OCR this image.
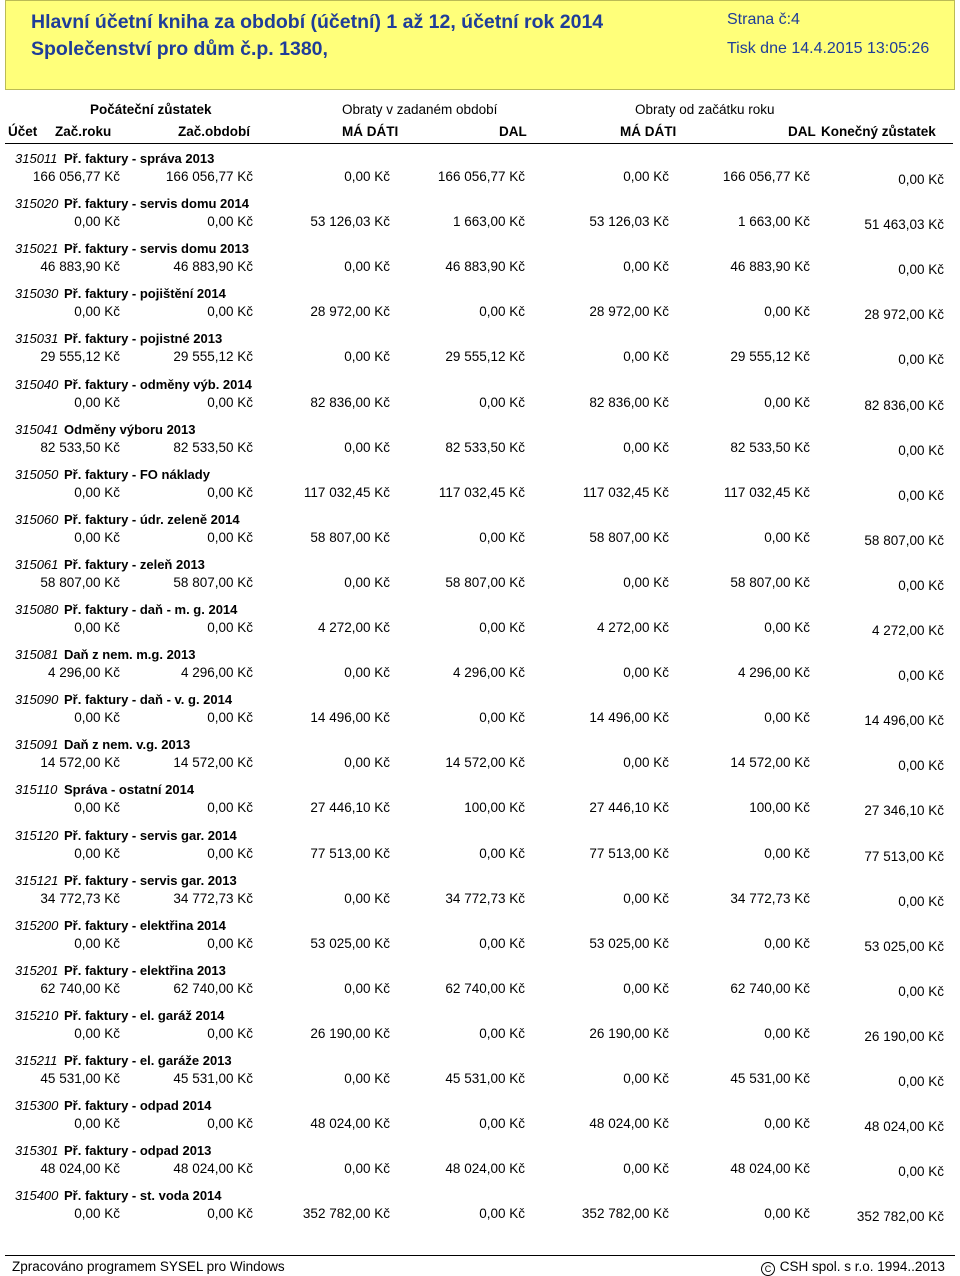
Hlavní účetní kniha za období (účetní) 1 až 12, účetní rok 2014
Společenství pro dům č.p. 1380,
Strana č:4
Tisk dne 14.4.2015 13:05:26
Počáteční zůstatek	Obraty v zadaném období	Obraty od začátku roku
Účet Zač.roku	Zač.období	MÁ DÁTI	DAL	MÁ DÁTI	DAL Konečný zůstatek
315011 Př. faktury - správa 2013
166 056,77 Kč	166 056,77 Kč	0,00 Kč	166 056,77 Kč	0,00 Kč	166 056,77 Kč	0,00 Kč
315020 Př. faktury - servis domu 2014
0,00 Kč	0,00 Kč	53 126,03 Kč	1 663,00 Kč	53 126,03 Kč	1 663,00 Kč	51 463,03 Kč
315021 Př. faktury - servis domu 2013
46 883,90 Kč	46 883,90 Kč	0,00 Kč	46 883,90 Kč	0,00 Kč	46 883,90 Kč	0,00 Kč
315030 Př. faktury - pojištění 2014
0,00 Kč	0,00 Kč	28 972,00 Kč	0,00 Kč	28 972,00 Kč	0,00 Kč	28 972,00 Kč
315031 Př. faktury - pojistné 2013
29 555,12 Kč	29 555,12 Kč	0,00 Kč	29 555,12 Kč	0,00 Kč	29 555,12 Kč	0,00 Kč
315040 Př. faktury - odměny výb. 2014
0,00 Kč	0,00 Kč	82 836,00 Kč	0,00 Kč	82 836,00 Kč	0,00 Kč	82 836,00 Kč
315041 Odměny výboru 2013
82 533,50 Kč	82 533,50 Kč	0,00 Kč	82 533,50 Kč	0,00 Kč	82 533,50 Kč	0,00 Kč
315050 Př. faktury - FO náklady
0,00 Kč	0,00 Kč	117 032,45 Kč	117 032,45 Kč	117 032,45 Kč	117 032,45 Kč	0,00 Kč
315060 Př. faktury - údr. zeleně 2014
0,00 Kč	0,00 Kč	58 807,00 Kč	0,00 Kč	58 807,00 Kč	0,00 Kč	58 807,00 Kč
315061 Př. faktury - zeleň 2013
58 807,00 Kč	58 807,00 Kč	0,00 Kč	58 807,00 Kč	0,00 Kč	58 807,00 Kč	0,00 Kč
315080 Př. faktury - daň - m. g. 2014
0,00 Kč	0,00 Kč	4 272,00 Kč	0,00 Kč	4 272,00 Kč	0,00 Kč	4 272,00 Kč
315081 Daň z nem. m.g. 2013
4 296,00 Kč	4 296,00 Kč	0,00 Kč	4 296,00 Kč	0,00 Kč	4 296,00 Kč	0,00 Kč
315090 Př. faktury - daň - v. g. 2014
0,00 Kč	0,00 Kč	14 496,00 Kč	0,00 Kč	14 496,00 Kč	0,00 Kč	14 496,00 Kč
315091 Daň z nem. v.g. 2013
14 572,00 Kč	14 572,00 Kč	0,00 Kč	14 572,00 Kč	0,00 Kč	14 572,00 Kč	0,00 Kč
315110 Správa - ostatní 2014
0,00 Kč	0,00 Kč	27 446,10 Kč	100,00 Kč	27 446,10 Kč	100,00 Kč	27 346,10 Kč
315120 Př. faktury - servis gar. 2014
0,00 Kč	0,00 Kč	77 513,00 Kč	0,00 Kč	77 513,00 Kč	0,00 Kč	77 513,00 Kč
315121 Př. faktury - servis gar. 2013
34 772,73 Kč	34 772,73 Kč	0,00 Kč	34 772,73 Kč	0,00 Kč	34 772,73 Kč	0,00 Kč
315200 Př. faktury - elektřina 2014
0,00 Kč	0,00 Kč	53 025,00 Kč	0,00 Kč	53 025,00 Kč	0,00 Kč	53 025,00 Kč
315201 Př. faktury - elektřina 2013
62 740,00 Kč	62 740,00 Kč	0,00 Kč	62 740,00 Kč	0,00 Kč	62 740,00 Kč	0,00 Kč
315210 Př. faktury - el. garáž 2014
0,00 Kč	0,00 Kč	26 190,00 Kč	0,00 Kč	26 190,00 Kč	0,00 Kč	26 190,00 Kč
315211 Př. faktury - el. garáže 2013
45 531,00 Kč	45 531,00 Kč	0,00 Kč	45 531,00 Kč	0,00 Kč	45 531,00 Kč	0,00 Kč
315300 Př. faktury - odpad 2014
0,00 Kč	0,00 Kč	48 024,00 Kč	0,00 Kč	48 024,00 Kč	0,00 Kč	48 024,00 Kč
315301 Př. faktury - odpad 2013
48 024,00 Kč	48 024,00 Kč	0,00 Kč	48 024,00 Kč	0,00 Kč	48 024,00 Kč	0,00 Kč
315400 Př. faktury - st. voda 2014
0,00 Kč	0,00 Kč	352 782,00 Kč	0,00 Kč	352 782,00 Kč	0,00 Kč	352 782,00 Kč
Zpracováno programem SYSEL pro Windows	C CSH spol. s r.o. 1994..2013
